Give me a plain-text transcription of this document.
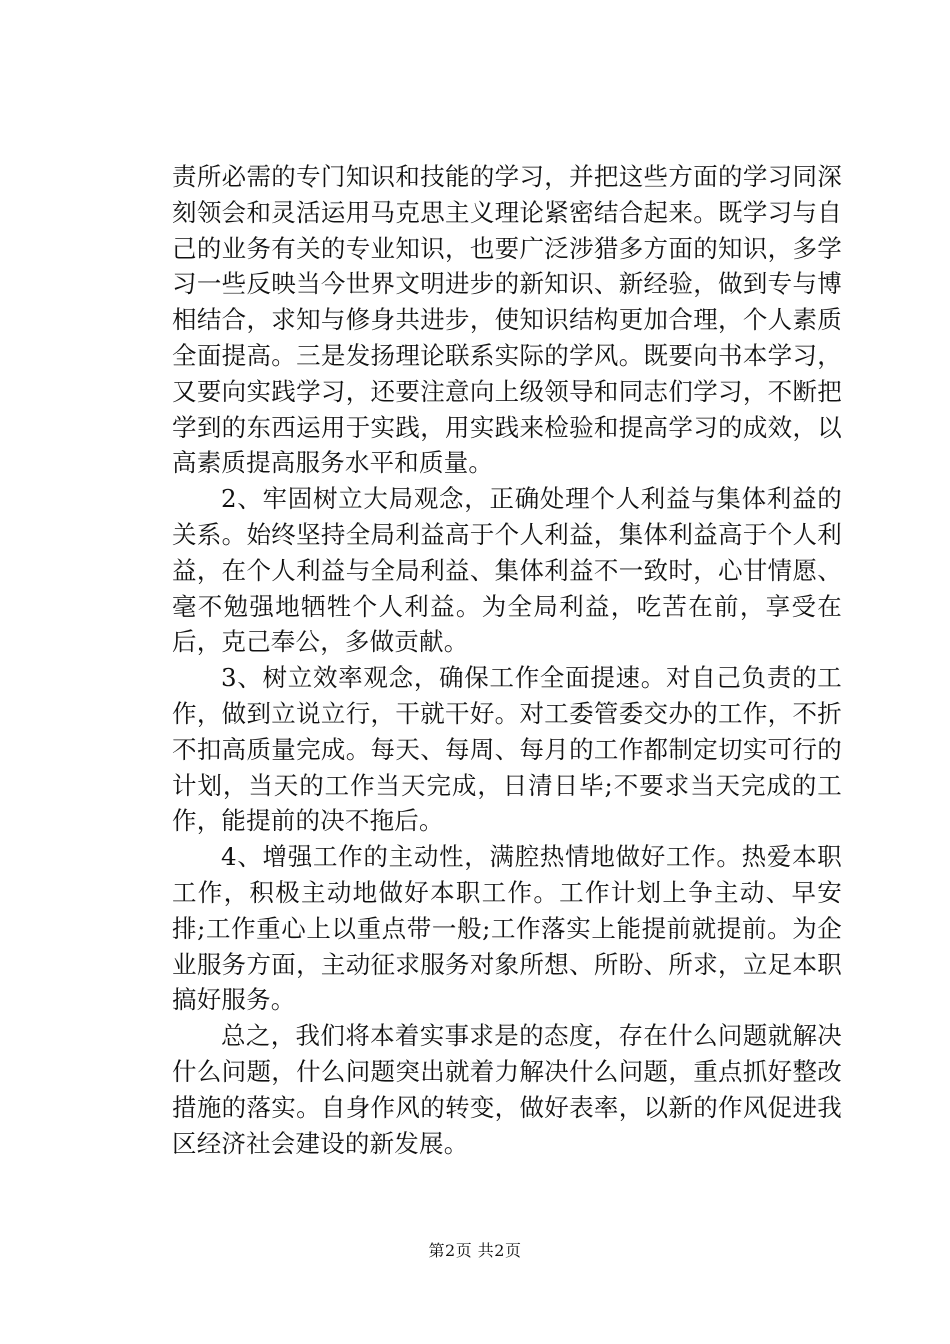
责所必需的专门知识和技能的学习，并把这些方面的学习同深刻领会和灵活运用马克思主义理论紧密结合起来。既学习与自己的业务有关的专业知识，也要广泛涉猎多方面的知识，多学习一些反映当今世界文明进步的新知识、新经验，做到专与博相结合，求知与修身共进步，使知识结构更加合理，个人素质全面提高。三是发扬理论联系实际的学风。既要向书本学习，又要向实践学习，还要注意向上级领导和同志们学习，不断把学到的东西运用于实践，用实践来检验和提高学习的成效，以高素质提高服务水平和质量。

2、牢固树立大局观念，正确处理个人利益与集体利益的关系。始终坚持全局利益高于个人利益，集体利益高于个人利益，在个人利益与全局利益、集体利益不一致时，心甘情愿、毫不勉强地牺牲个人利益。为全局利益，吃苦在前，享受在后，克己奉公，多做贡献。

3、树立效率观念，确保工作全面提速。对自己负责的工作，做到立说立行，干就干好。对工委管委交办的工作，不折不扣高质量完成。每天、每周、每月的工作都制定切实可行的计划，当天的工作当天完成，日清日毕;不要求当天完成的工作，能提前的决不拖后。

4、增强工作的主动性，满腔热情地做好工作。热爱本职工作，积极主动地做好本职工作。工作计划上争主动、早安排;工作重心上以重点带一般;工作落实上能提前就提前。为企业服务方面，主动征求服务对象所想、所盼、所求，立足本职搞好服务。

总之，我们将本着实事求是的态度，存在什么问题就解决什么问题，什么问题突出就着力解决什么问题，重点抓好整改措施的落实。自身作风的转变，做好表率，以新的作风促进我区经济社会建设的新发展。

第2页 共2页
